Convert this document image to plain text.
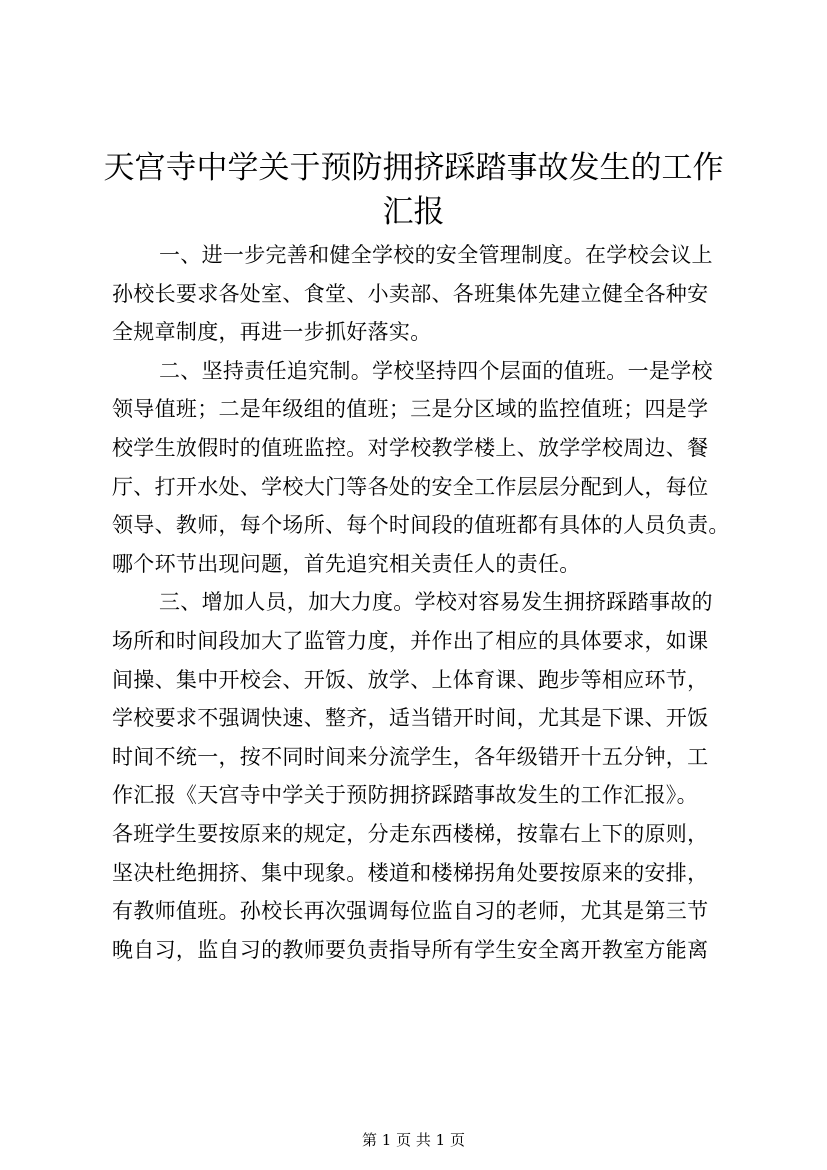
天宫寺中学关于预防拥挤踩踏事故发生的工作
汇报
一、进一步完善和健全学校的安全管理制度。在学校会议上
孙校长要求各处室、食堂、小卖部、各班集体先建立健全各种安
全规章制度，再进一步抓好落实。
二、坚持责任追究制。学校坚持四个层面的值班。一是学校
领导值班；二是年级组的值班；三是分区域的监控值班；四是学
校学生放假时的值班监控。对学校教学楼上、放学学校周边、餐
厅、打开水处、学校大门等各处的安全工作层层分配到人，每位
领导、教师，每个场所、每个时间段的值班都有具体的人员负责。
哪个环节出现问题，首先追究相关责任人的责任。
三、增加人员，加大力度。学校对容易发生拥挤踩踏事故的
场所和时间段加大了监管力度，并作出了相应的具体要求，如课
间操、集中开校会、开饭、放学、上体育课、跑步等相应环节，
学校要求不强调快速、整齐，适当错开时间，尤其是下课、开饭
时间不统一，按不同时间来分流学生，各年级错开十五分钟，工
作汇报《天宫寺中学关于预防拥挤踩踏事故发生的工作汇报》。
各班学生要按原来的规定，分走东西楼梯，按靠右上下的原则，
坚决杜绝拥挤、集中现象。楼道和楼梯拐角处要按原来的安排，
有教师值班。孙校长再次强调每位监自习的老师，尤其是第三节
晚自习，监自习的教师要负责指导所有学生安全离开教室方能离
第 1 页 共 1 页
